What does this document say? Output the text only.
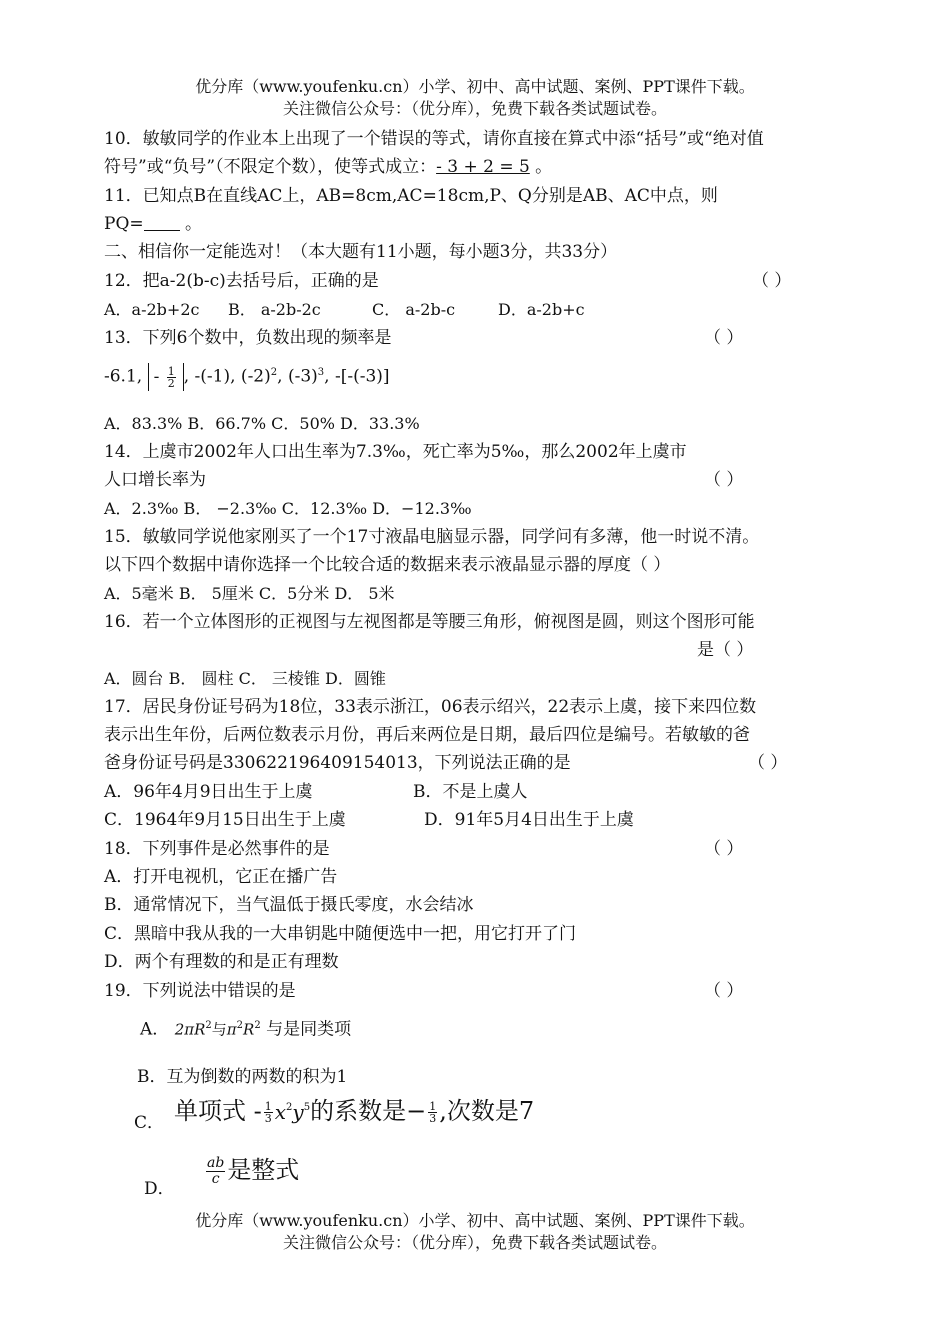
优分库（www.youfenku.cn）小学、初中、高中试题、案例、PPT课件下载。
关注微信公众号：（优分库），免费下载各类试题试卷。
10．敏敏同学的作业本上出现了一个错误的等式，请你直接在算式中添“括号”或“绝对值
符号”或“负号”（不限定个数），使等式成立：- 3 + 2 = 5 。
11．已知点B在直线AC上，AB=8cm,AC=18cm,P、Q分别是AB、AC中点，则
PQ= 。
二、相信你一定能选对！（本大题有11小题，每小题3分，共33分）
12．把a-2(b-c)去括号后，正确的是	（ ）
A．a-2b+2c B． a-2b-2c	C． a-2b-c	D．a-2b+c
13．下列6个数中，负数出现的频率是	（ ）
-6.1, - $\frac{1}{2}$ , -(-1), $(-2)^2$, $(-3)^3$, -[-(-3)]
A．83.3% B．66.7% C．50% D．33.3%
14．上虞市2002年人口出生率为7.3‰，死亡率为5‰，那么2002年上虞市
人口增长率为	（ ）
A．2.3‰ B． −2.3‰ C．12.3‰ D．−12.3‰
15．敏敏同学说他家刚买了一个17寸液晶电脑显示器，同学问有多薄，他一时说不清。
以下四个数据中请你选择一个比较合适的数据来表示液晶显示器的厚度（ ）
A．5毫米 B． 5厘米 C．5分米 D． 5米
16．若一个立体图形的正视图与左视图都是等腰三角形，俯视图是圆，则这个图形可能
是（ ）
A．圆台 B． 圆柱 C． 三棱锥 D．圆锥
17．居民身份证号码为18位，33表示浙江，06表示绍兴，22表示上虞，接下来四位数
表示出生年份，后两位数表示月份，再后来两位是日期，最后四位是编号。若敏敏的爸
爸身份证号码是330622196409154013，下列说法正确的是	（ ）
A．96年4月9日出生于上虞	B．不是上虞人
C．1964年9月15日出生于上虞	D．91年5月4日出生于上虞
18．下列事件是必然事件的是	（ ）
A．打开电视机，它正在播广告
B．通常情况下，当气温低于摄氏零度，水会结冰
C．黑暗中我从我的一大串钥匙中随便选中一把，用它打开了门
D．两个有理数的和是正有理数
19．下列说法中错误的是	（ ）
A． $2\pi R^2$与$\pi^2R^2$ 与是同类项
B．互为倒数的两数的积为1
C． 单项式 - $\frac{1}{3} x^2y^5$的系数是− $\frac{1}{3}$ ,次数是7
D．
$\frac{ab}{c}$ 是整式
优分库（www.youfenku.cn）小学、初中、高中试题、案例、PPT课件下载。
关注微信公众号：（优分库），免费下载各类试题试卷。
